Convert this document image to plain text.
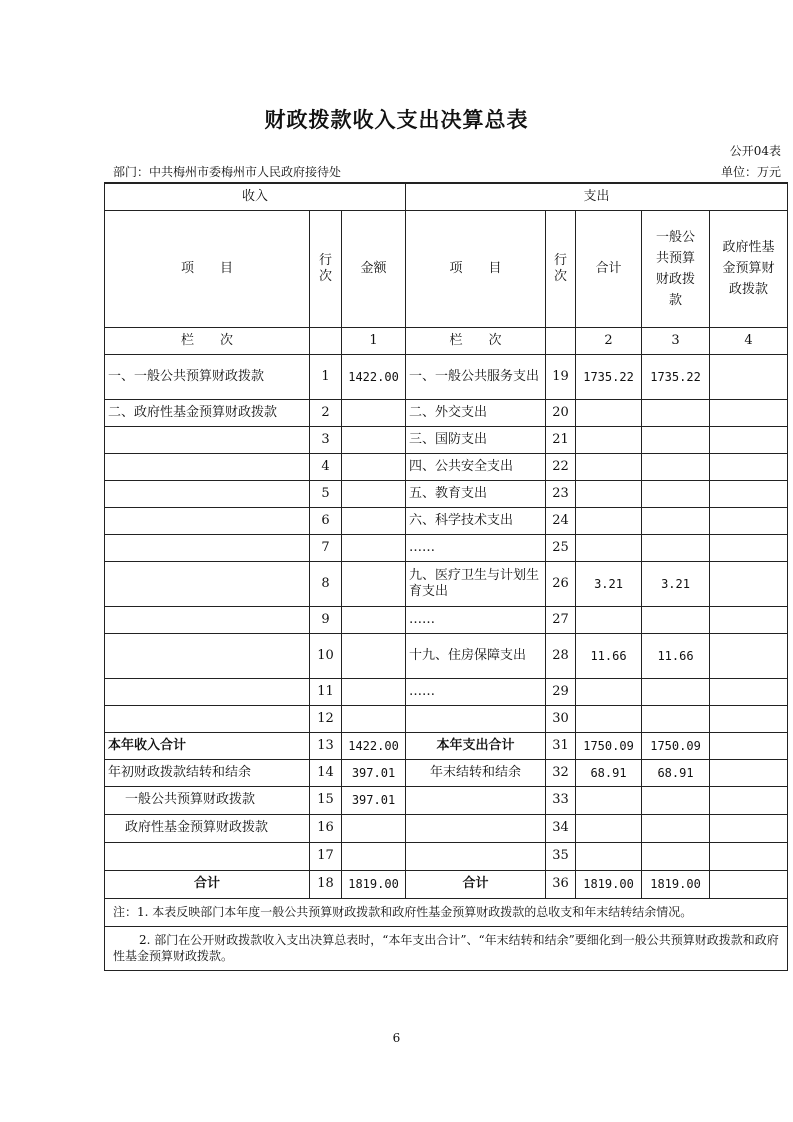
财政拨款收入支出决算总表
公开04表
部门：中共梅州市委梅州市人民政府接待处	单位：万元
收入			支出				
项　　目	行次	金额	项　　目	行次	合计	一般公共预算财政拨款	政府性基金预算财政拨款
栏　　次		1	栏　　次		2	3	4
一、一般公共预算财政拨款	1	1422.00	一、一般公共服务支出	19	1735.22	1735.22	
二、政府性基金预算财政拨款	2		二、外交支出	20			
	3		三、国防支出	21			
	4		四、公共安全支出	22			
	5		五、教育支出	23			
	6		六、科学技术支出	24			
	7		……	25			
	8		九、医疗卫生与计划生育支出	26	3.21	3.21	
	9		……	27			
	10		十九、住房保障支出	28	11.66	11.66	
	11		……	29			
	12			30			
本年收入合计	13	1422.00	本年支出合计	31	1750.09	1750.09	
年初财政拨款结转和结余	14	397.01	年末结转和结余	32	68.91	68.91	
一般公共预算财政拨款	15	397.01		33			
政府性基金预算财政拨款	16			34			
	17			35			
合计	18	1819.00	合计	36	1819.00	1819.00	
注：1. 本表反映部门本年度一般公共预算财政拨款和政府性基金预算财政拨款的总收支和年末结转结余情况。							
2. 部门在公开财政拨款收入支出决算总表时，“本年支出合计”、“年末结转和结余”要细化到一般公共预算财政拨款和政府性基金预算财政拨款。							
6
